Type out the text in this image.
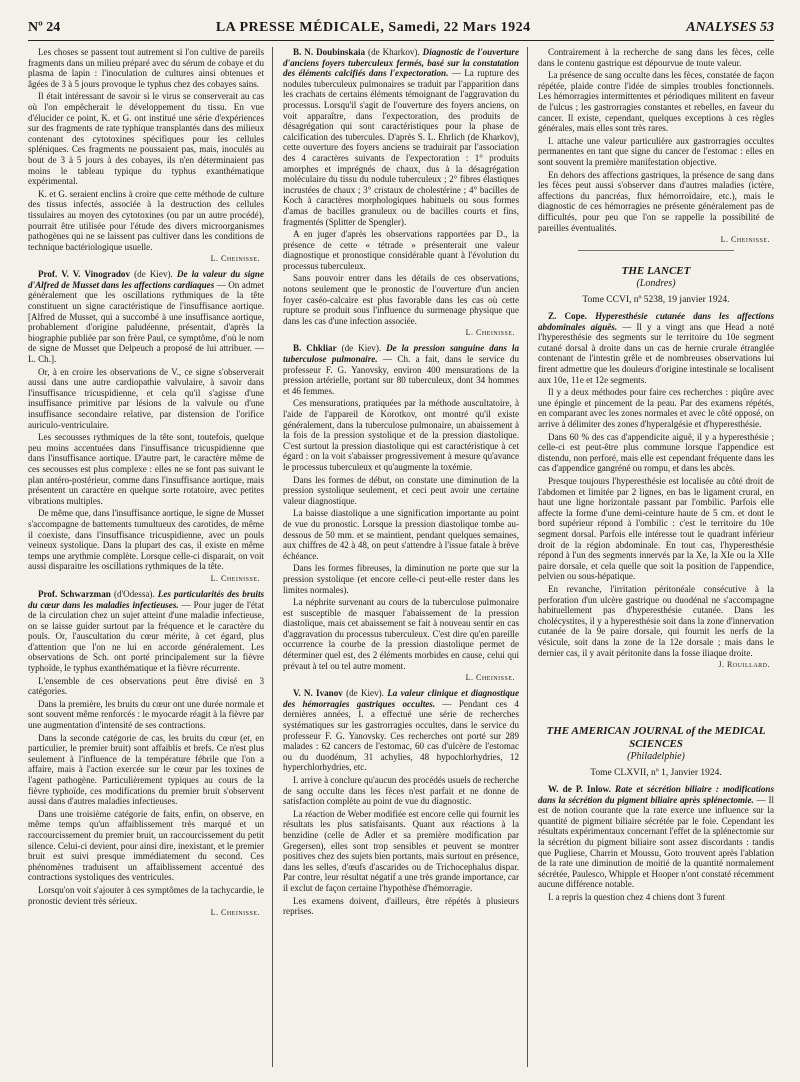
Nº 24	LA PRESSE MÉDICALE, Samedi, 22 Mars 1924	ANALYSES 53

Les choses se passent tout autrement si l'on cultive de pareils fragments dans un milieu préparé avec du sérum de cobaye et du plasma de lapin : l'inoculation de cultures ainsi obtenues et âgées de 3 à 5 jours provoque le typhus chez des cobayes sains.

Il était intéressant de savoir si le virus se conserverait au cas où l'on empêcherait le développement du tissu. En vue d'élucider ce point, K. et G. ont institué une série d'expériences sur des fragments de rate typhique transplantés dans des milieux contenant des cytotoxines spécifiques pour les cellules spléniques. Ces fragments ne poussaient pas, mais, inoculés au bout de 3 à 5 jours à des cobayes, ils n'en déterminaient pas moins le tableau typique du typhus exanthématique expérimental.

K. et G. seraient enclins à croire que cette méthode de culture des tissus infectés, associée à la destruction des cellules tissulaires au moyen des cytotoxines (ou par un autre procédé), pourrait être utilisée pour l'étude des divers microorganismes pathogènes qui ne se laissent pas cultiver dans les conditions de technique bactériologique usuelle.

L. Cheinisse.

Prof. V. V. Vinogradov (de Kiev). De la valeur du signe d'Alfred de Musset dans les affections cardiaques — On admet généralement que les oscillations rythmiques de la tête constituent un signe caractéristique de l'insuffisance aortique. [Alfred de Musset, qui a succombé à une insuffisance aortique, probablement d'origine paludéenne, présentait, d'après la biographie publiée par son frère Paul, ce symptôme, d'où le nom de signe de Musset que Delpeuch a proposé de lui attribuer. — L. Ch.].

Or, à en croire les observations de V., ce signe s'observerait aussi dans une autre cardiopathie valvulaire, à savoir dans l'insuffisance tricuspidienne, et cela qu'il s'agisse d'une insuffisance primitive par lésions de la valvule ou d'une insuffisance secondaire relative, par distension de l'orifice auriculo-ventriculaire.

Les secousses rythmiques de la tête sont, toutefois, quelque peu moins accentuées dans l'insuffisance tricuspidienne que dans l'insuffisance aortique. D'autre part, le caractère même de ces secousses est plus complexe : elles ne se font pas suivant le plan antéro-postérieur, comme dans l'insuffisance aortique, mais présentent un caractère en quelque sorte rotatoire, avec petites vibrations multiples.

De même que, dans l'insuffisance aortique, le signe de Musset s'accompagne de battements tumultueux des carotides, de même il coexiste, dans l'insuffisance tricuspidienne, avec un pouls veineux systolique. Dans la plupart des cas, il existe en même temps une arythmie complète. Lorsque celle-ci disparait, on voit aussi disparaitre les oscillations rythmiques de la tête.

L. Cheinisse.

Prof. Schwarzman (d'Odessa). Les particularités des bruits du cœur dans les maladies infectieuses. — Pour juger de l'état de la circulation chez un sujet atteint d'une maladie infectieuse, on se laisse guider surtout par la fréquence et le caractère du pouls. Or, l'auscultation du cœur mérite, à cet égard, plus d'attention que l'on ne lui en accorde généralement. Les observations de Sch. ont porté principalement sur la fièvre typhoïde, le typhus exanthématique et la fièvre récurrente.

L'ensemble de ces observations peut être divisé en 3 catégories.

Dans la première, les bruits du cœur ont une durée normale et sont souvent même renforcés : le myocarde réagit à la fièvre par une augmentation d'intensité de ses contractions.

Dans la seconde catégorie de cas, les bruits du cœur (et, en particulier, le premier bruit) sont affaiblis et brefs. Ce n'est plus seulement à l'influence de la température fébrile que l'on a affaire, mais à l'action exercée sur le cœur par les toxines de l'agent pathogène. Particulièrement typiques au cours de la fièvre typhoïde, ces modifications du premier bruit s'observent aussi dans d'autres maladies infectieuses.

Dans une troisième catégorie de faits, enfin, on observe, en même temps qu'un affaiblissement très marqué et un raccourcissement du premier bruit, un raccourcissement du petit silence. Celui-ci devient, pour ainsi dire, inexistant, et le premier bruit est suivi presque immédiatement du second. Ces phénomènes traduisent un affaiblissement accentué des contractions systoliques des ventricules.

Lorsqu'on voit s'ajouter à ces symptômes de la tachycardie, le pronostic devient très sérieux.

L. Cheinisse.

B. N. Doubinskaia (de Kharkov). Diagnostic de l'ouverture d'anciens foyers tuberculeux fermés, basé sur la constatation des éléments calcifiés dans l'expectoration. — La rupture des nodules tuberculeux pulmonaires se traduit par l'apparition dans les crachats de certains éléments témoignant de l'aggravation du processus. Lorsqu'il s'agit de l'ouverture des foyers anciens, on voit apparaître, dans l'expectoration, des produits de désagrégation qui sont caractéristiques pour la phase de calcification des tubercules. D'après S. L. Ehrlich (de Kharkov), cette ouverture des foyers anciens se traduirait par l'association des 4 caractères suivants de l'expectoration : 1° produits amorphes et imprégnés de chaux, dus à la désagrégation moléculaire du tissu du nodule tuberculeux ; 2° fibres élastiques incrustées de chaux ; 3° cristaux de cholestérine ; 4° bacilles de Koch à caractères morphologiques habituels ou sous formes d'amas de bacilles granuleux ou de bacilles courts et fins, fragmentés (Splitter de Spengler).

A en juger d'après les observations rapportées par D., la présence de cette « tétrade » présenterait une valeur diagnostique et pronostique considérable quant à l'évolution du processus tuberculeux.

Sans pouvoir entrer dans les détails de ces observations, notons seulement que le pronostic de l'ouverture d'un ancien foyer caséo-calcaire est plus favorable dans les cas où cette rupture se produit sous l'influence du surmenage physique que dans les cas d'une infection associée.

L. Cheinisse.

B. Chkliar (de Kiev). De la pression sanguine dans la tuberculose pulmonaire. — Ch. a fait, dans le service du professeur F. G. Yanovsky, environ 400 mensurations de la pression artérielle, portant sur 80 tuberculeux, dont 34 hommes et 46 femmes.

Ces mensurations, pratiquées par la méthode auscultatoire, à l'aide de l'appareil de Korotkov, ont montré qu'il existe généralement, dans la tuberculose pulmonaire, un abaissement à la fois de la pression systolique et de la pression diastolique. C'est surtout la pression diastolique qui est caractéristique à cet égard : on la voit s'abaisser progressivement à mesure qu'avance le processus tuberculeux et qu'augmente la toxémie.

Dans les formes de début, on constate une diminution de la pression systolique seulement, et ceci peut avoir une certaine valeur diagnostique.

La baisse diastolique a une signification importante au point de vue du pronostic. Lorsque la pression diastolique tombe au-dessous de 50 mm. et se maintient, pendant quelques semaines, aux chiffres de 42 à 48, on peut s'attendre à l'issue fatale à brève échéance.

Dans les formes fibreuses, la diminution ne porte que sur la pression systolique (et encore celle-ci peut-elle rester dans les limites normales).

La néphrite survenant au cours de la tuberculose pulmonaire est susceptible de masquer l'abaissement de la pression diastolique, mais cet abaissement se fait à nouveau sentir en cas d'aggravation du processus tuberculeux. C'est dire qu'en pareille occurrence la courbe de la pression diastolique permet de déterminer quel est, des 2 éléments morbides en cause, celui qui prévaut à tel ou tel autre moment.

L. Cheinisse.

V. N. Ivanov (de Kiev). La valeur clinique et diagnostique des hémorragies gastriques occultes. — Pendant ces 4 dernières années, I. a effectué une série de recherches systématiques sur les gastrorragies occultes, dans le service du professeur F. G. Yanovsky. Ces recherches ont porté sur 289 malades : 62 cancers de l'estomac, 60 cas d'ulcère de l'estomac ou du duodénum, 31 achylies, 48 hypochlorhydries, 12 hyperchlorhydries, etc.

I. arrive à conclure qu'aucun des procédés usuels de recherche de sang occulte dans les fèces n'est parfait et ne donne de satisfaction complète au point de vue du diagnostic.

La réaction de Weber modifiée est encore celle qui fournit les résultats les plus satisfaisants. Quant aux réactions à la benzidine (celle de Adler et sa première modification par Gregersen), elles sont trop sensibles et peuvent se montrer positives chez des sujets bien portants, mais surtout en présence, dans les selles, d'œufs d'ascarides ou de Trichocephalus dispar. Par contre, leur résultat négatif a une très grande importance, car il exclut de façon certaine l'hypothèse d'hémorragie.

Les examens doivent, d'ailleurs, être répétés à plusieurs reprises.

Contrairement à la recherche de sang dans les fèces, celle dans le contenu gastrique est dépourvue de toute valeur.

La présence de sang occulte dans les fèces, constatée de façon répétée, plaide contre l'idée de simples troubles fonctionnels. Les hémorragies intermittentes et périodiques militent en faveur de l'ulcus ; les gastrorragies constantes et rebelles, en faveur du cancer. Il existe, cependant, quelques exceptions à ces règles générales, mais elles sont très rares.

I. attache une valeur particulière aux gastrorragies occultes permanentes en tant que signe du cancer de l'estomac : elles en sont souvent la première manifestation objective.

En dehors des affections gastriques, la présence de sang dans les fèces peut aussi s'observer dans d'autres maladies (ictère, affections du pancréas, flux hémorroïdaire, etc.), mais le diagnostic de ces hémorragies ne présente généralement pas de difficultés, pour peu que l'on se rappelle la possibilité de pareilles éventualités.

L. Cheinisse.
THE LANCET
(Londres)
Tome CCVI, nº 5238, 19 janvier 1924.

Z. Cope. Hyperesthésie cutanée dans les affections abdominales aiguës. — Il y a vingt ans que Head a noté l'hyperesthésie des segments sur le territoire du 10e segment cutané dorsal à droite dans un cas de hernie crurale étranglée contenant de l'intestin grêle et de nombreuses observations lui firent admettre que les douleurs d'origine intestinale se localisent aux 10e, 11e et 12e segments.

Il y a deux méthodes pour faire ces recherches : piqûre avec une épingle et pincement de la peau. Par des examens répétés, en comparant avec les zones normales et avec le côté opposé, on arrive à délimiter des zones d'hyperalgésie et d'hyperesthésie.

Dans 60 % des cas d'appendicite aiguë, il y a hyperesthésie ; celle-ci est peut-être plus commune lorsque l'appendice est distendu, non perforé, mais elle est cependant fréquente dans les cas d'appendice gangréné ou rompu, et dans les abcès.

Presque toujours l'hyperesthésie est localisée au côté droit de l'abdomen et limitée par 2 lignes, en bas le ligament crural, en haut une ligne horizontale passant par l'ombilic. Parfois elle affecte la forme d'une demi-ceinture haute de 5 cm. et dont le bord supérieur répond à l'ombilic : c'est le territoire du 10e segment dorsal. Parfois elle intéresse tout le quadrant inférieur droit de la région abdominale. En tout cas, l'hyperesthésie répond à l'un des segments innervés par la Xe, la XIe ou la XIIe paire dorsale, et cela quelle que soit la position de l'appendice, pelvien ou sous-hépatique.

En revanche, l'irritation péritonéale consécutive à la perforation d'un ulcère gastrique ou duodénal ne s'accompagne habituellement pas d'hyperesthésie cutanée. Dans les cholécystites, il y a hyperesthésie soit dans la zone d'innervation cutanée de la 9e paire dorsale, qui fournit les nerfs de la vésicule, soit dans la zone de la 12e dorsale ; mais dans le dernier cas, il y avait péritonite dans la fosse iliaque droite.

J. Rouillard.
THE AMERICAN JOURNAL of the MEDICAL SCIENCES
(Philadelphie)
Tome CLXVII, nº 1, Janvier 1924.

W. de P. Inlow. Rate et sécrétion biliaire : modifications dans la sécrétion du pigment biliaire après splénectomie. — Il est de notion courante que la rate exerce une influence sur la quantité de pigment biliaire sécrétée par le foie. Cependant les résultats expérimentaux concernant l'effet de la splénectomie sur la sécrétion du pigment biliaire sont assez discordants : tandis que Pugliese, Charrin et Moussu, Goto trouvent après l'ablation de la rate une diminution de moitié de la quantité normalement sécrétée, Paulesco, Whipple et Hooper n'ont constaté récemment aucune différence notable.

I. a repris la question chez 4 chiens dont 3 furent
